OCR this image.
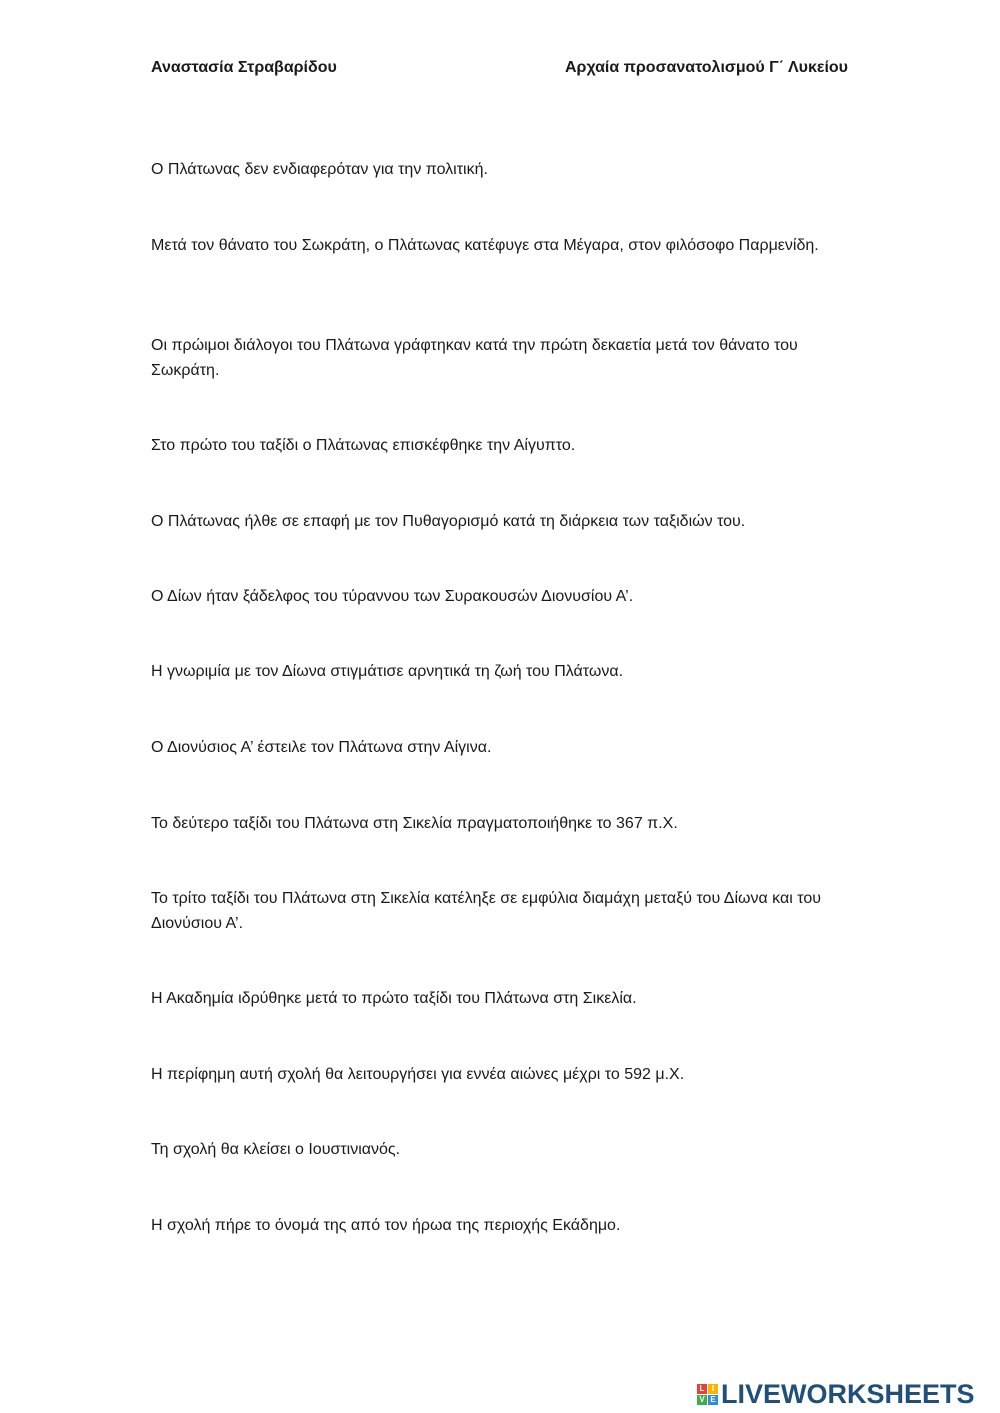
Αναστασία Στραβαρίδου	Αρχαία προσανατολισμού Γ΄ Λυκείου
Ο Πλάτωνας δεν ενδιαφερόταν για την πολιτική.
Μετά τον θάνατο του Σωκράτη, ο Πλάτωνας κατέφυγε στα Μέγαρα, στον φιλόσοφο Παρμενίδη.
Οι πρώιμοι διάλογοι του Πλάτωνα γράφτηκαν κατά την πρώτη δεκαετία μετά τον θάνατο του Σωκράτη.
Στο πρώτο του ταξίδι ο Πλάτωνας επισκέφθηκε την Αίγυπτο.
Ο Πλάτωνας ήλθε σε επαφή με τον Πυθαγορισμό κατά τη διάρκεια των ταξιδιών του.
Ο Δίων ήταν ξάδελφος του τύραννου των Συρακουσών Διονυσίου Α’.
Η γνωριμία με τον Δίωνα στιγμάτισε αρνητικά τη ζωή του Πλάτωνα.
Ο Διονύσιος Α’ έστειλε τον Πλάτωνα στην Αίγινα.
Το δεύτερο ταξίδι του Πλάτωνα στη Σικελία πραγματοποιήθηκε το 367 π.Χ.
Το τρίτο ταξίδι του Πλάτωνα στη Σικελία κατέληξε σε εμφύλια διαμάχη μεταξύ του Δίωνα και του Διονύσιου Α’.
Η Ακαδημία ιδρύθηκε μετά το πρώτο ταξίδι του Πλάτωνα στη Σικελία.
Η περίφημη αυτή σχολή θα λειτουργήσει για εννέα αιώνες μέχρι το 592 μ.Χ.
Τη σχολή θα κλείσει ο Ιουστινιανός.
Η σχολή πήρε το όνομά της από τον ήρωα της περιοχής Εκάδημο.
L I
V E LIVEWORKSHEETS
